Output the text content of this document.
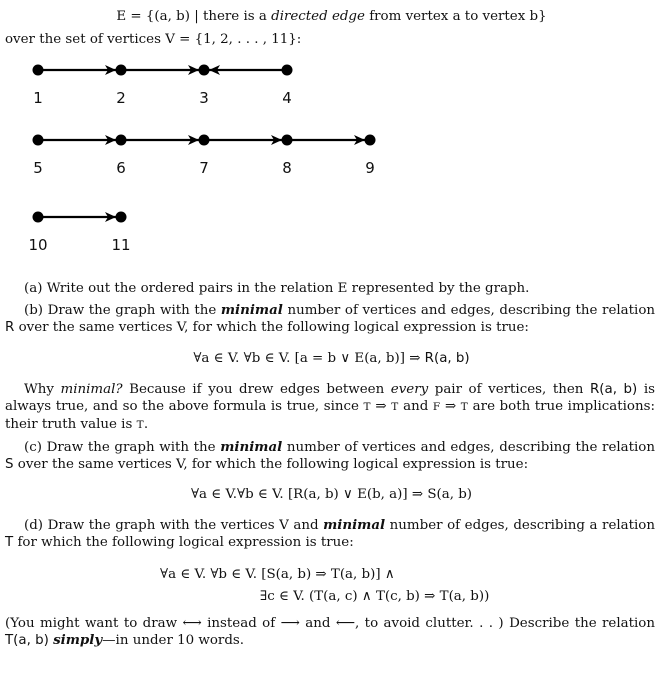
E = {(a, b) | there is a directed edge from vertex a to vertex b}
over the set of vertices V = {1, 2, . . . , 11}:
1	2	3	4
5	6	7	8	9
10	11
(a) Write out the ordered pairs in the relation E represented by the graph.
(b) Draw the graph with the minimal number of vertices and edges, describing the relation R over the same vertices V, for which the following logical expression is true:
∀a ∈ V. ∀b ∈ V. [a = b ∨ E(a, b)] ⇒ R(a, b)
Why minimal? Because if you drew edges between every pair of vertices, then R(a, b) is always true, and so the above formula is true, since T ⇒ T and F ⇒ T are both true implications: their truth value is T.
(c) Draw the graph with the minimal number of vertices and edges, describing the relation S over the same vertices V, for which the following logical expression is true:
∀a ∈ V.∀b ∈ V. [R(a, b) ∨ E(b, a)] ⇒ S(a, b)
(d) Draw the graph with the vertices V and minimal number of edges, describing a relation T for which the following logical expression is true:
∀a ∈ V. ∀b ∈ V. [S(a, b) ⇒ T(a, b)] ∧
∃c ∈ V. (T(a, c) ∧ T(c, b) ⇒ T(a, b))
(You might want to draw ⟷ instead of ⟶ and ⟵, to avoid clutter. . . ) Describe the relation T(a, b) simply—in under 10 words.
